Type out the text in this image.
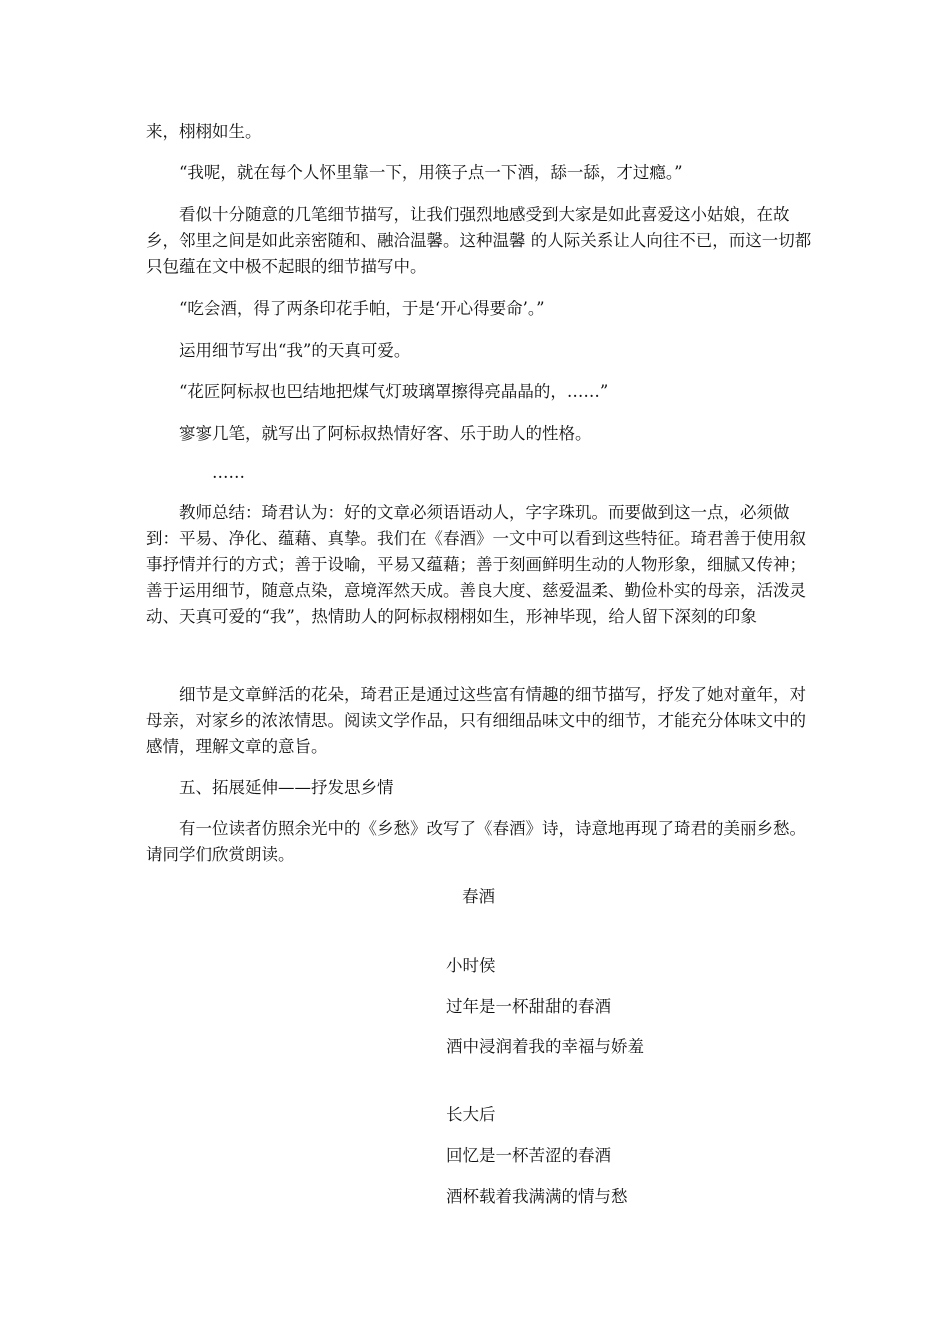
来，栩栩如生。

“我呢，就在每个人怀里靠一下，用筷子点一下酒，舔一舔，才过瘾。”

看似十分随意的几笔细节描写，让我们强烈地感受到大家是如此喜爱这小姑娘，在故乡，邻里之间是如此亲密随和、融洽温馨。这种温馨 的人际关系让人向往不已，而这一切都只包蕴在文中极不起眼的细节描写中。

“吃会酒，得了两条印花手帕，于是‘开心得要命’。”

运用细节写出“我”的天真可爱。

“花匠阿标叔也巴结地把煤气灯玻璃罩擦得亮晶晶的，……”

寥寥几笔，就写出了阿标叔热情好客、乐于助人的性格。

……

教师总结：琦君认为：好的文章必须语语动人，字字珠玑。而要做到这一点，必须做到：平易、净化、蕴藉、真挚。我们在《春酒》一文中可以看到这些特征。琦君善于使用叙事抒情并行的方式；善于设喻，平易又蕴藉；善于刻画鲜明生动的人物形象，细腻又传神；善于运用细节，随意点染，意境浑然天成。善良大度、慈爱温柔、勤俭朴实的母亲，活泼灵动、天真可爱的“我”，热情助人的阿标叔栩栩如生，形神毕现，给人留下深刻的印象

细节是文章鲜活的花朵，琦君正是通过这些富有情趣的细节描写，抒发了她对童年，对母亲，对家乡的浓浓情思。阅读文学作品，只有细细品味文中的细节，才能充分体味文中的感情，理解文章的意旨。

五、拓展延伸——抒发思乡情

有一位读者仿照余光中的《乡愁》改写了《春酒》诗，诗意地再现了琦君的美丽乡愁。请同学们欣赏朗读。

春酒

小时侯

过年是一杯甜甜的春酒

酒中浸润着我的幸福与娇羞

长大后

回忆是一杯苦涩的春酒

酒杯载着我满满的情与愁
